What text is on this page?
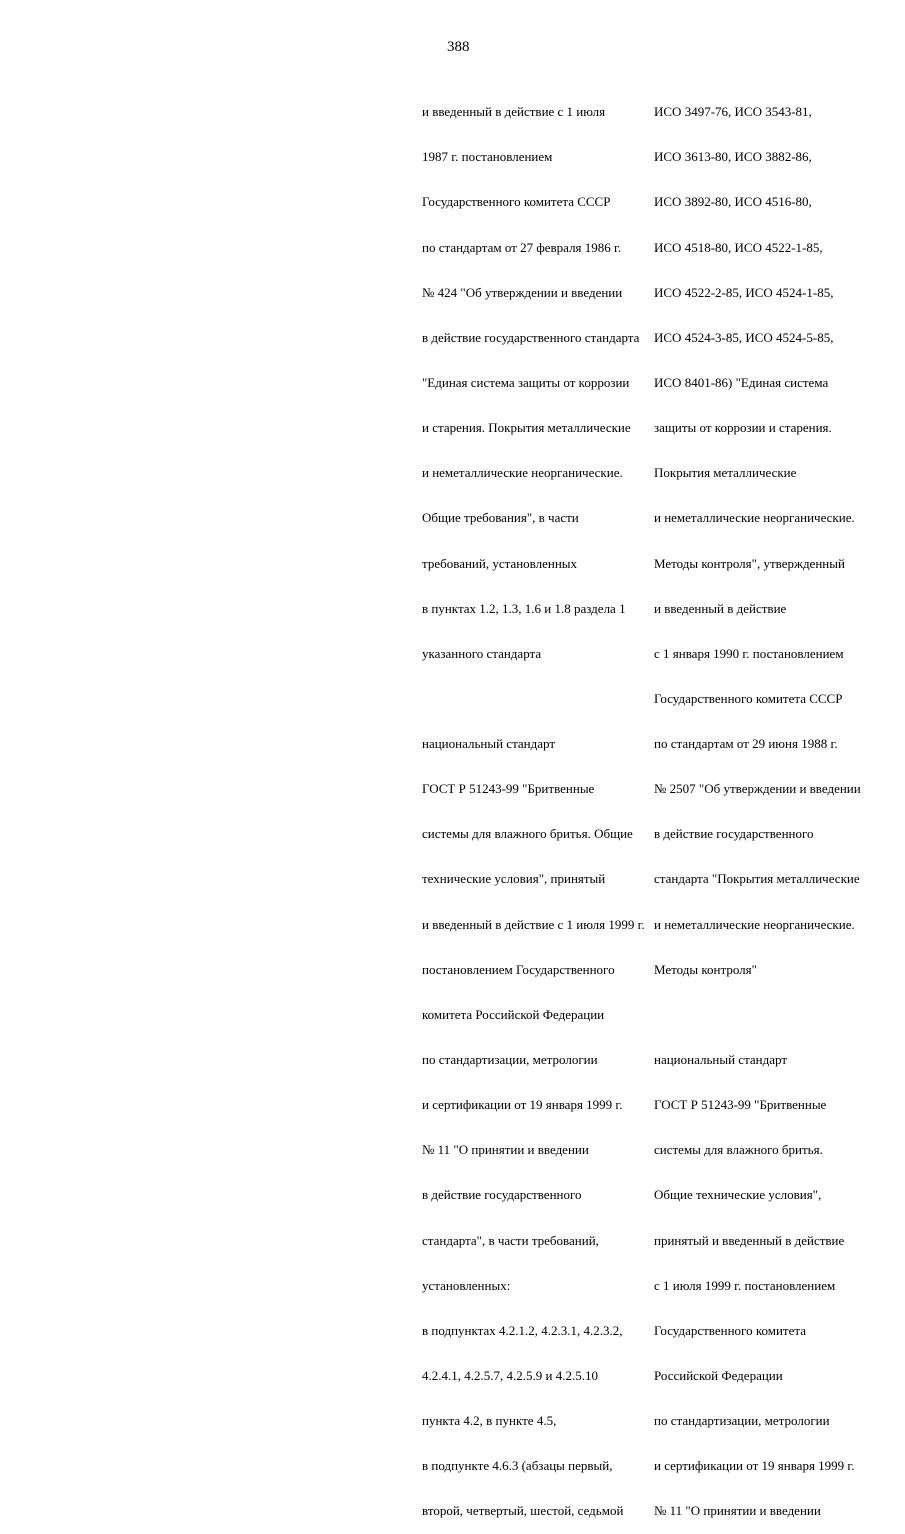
388

и введенный в действие с 1 июля

1987 г. постановлением

Государственного комитета СССР

по стандартам от 27 февраля 1986 г.

№ 424 "Об утверждении и введении

в действие государственного стандарта

"Единая система защиты от коррозии

и старения. Покрытия металлические

и неметаллические неорганические.

Общие требования", в части

требований, установленных

в пунктах 1.2, 1.3, 1.6 и 1.8 раздела 1

указанного стандарта

национальный стандарт

ГОСТ Р 51243-99 "Бритвенные

системы для влажного бритья. Общие

технические условия", принятый

и введенный в действие с 1 июля 1999 г.

постановлением Государственного

комитета Российской Федерации

по стандартизации, метрологии

и сертификации от 19 января 1999 г.

№ 11 "О принятии и введении

в действие государственного

стандарта", в части требований,

установленных:

в подпунктах 4.2.1.2, 4.2.3.1, 4.2.3.2,

4.2.4.1, 4.2.5.7, 4.2.5.9 и 4.2.5.10

пункта 4.2, в пункте 4.5,

в подпункте 4.6.3 (абзацы первый,

второй, четвертый, шестой, седьмой

ИСО 3497-76, ИСО 3543-81,

ИСО 3613-80, ИСО 3882-86,

ИСО 3892-80, ИСО 4516-80,

ИСО 4518-80, ИСО 4522-1-85,

ИСО 4522-2-85, ИСО 4524-1-85,

ИСО 4524-3-85, ИСО 4524-5-85,

ИСО 8401-86) "Единая система

защиты от коррозии и старения.

Покрытия металлические

и неметаллические неорганические.

Методы контроля", утвержденный

и введенный в действие

с 1 января 1990 г. постановлением

Государственного комитета СССР

по стандартам от 29 июня 1988 г.

№ 2507 "Об утверждении и введении

в действие государственного

стандарта "Покрытия металлические

и неметаллические неорганические.

Методы контроля"

национальный стандарт

ГОСТ Р 51243-99 "Бритвенные

системы для влажного бритья.

Общие технические условия",

принятый и введенный в действие

с 1 июля 1999 г. постановлением

Государственного комитета

Российской Федерации

по стандартизации, метрологии

и сертификации от 19 января 1999 г.

№ 11 "О принятии и введении
